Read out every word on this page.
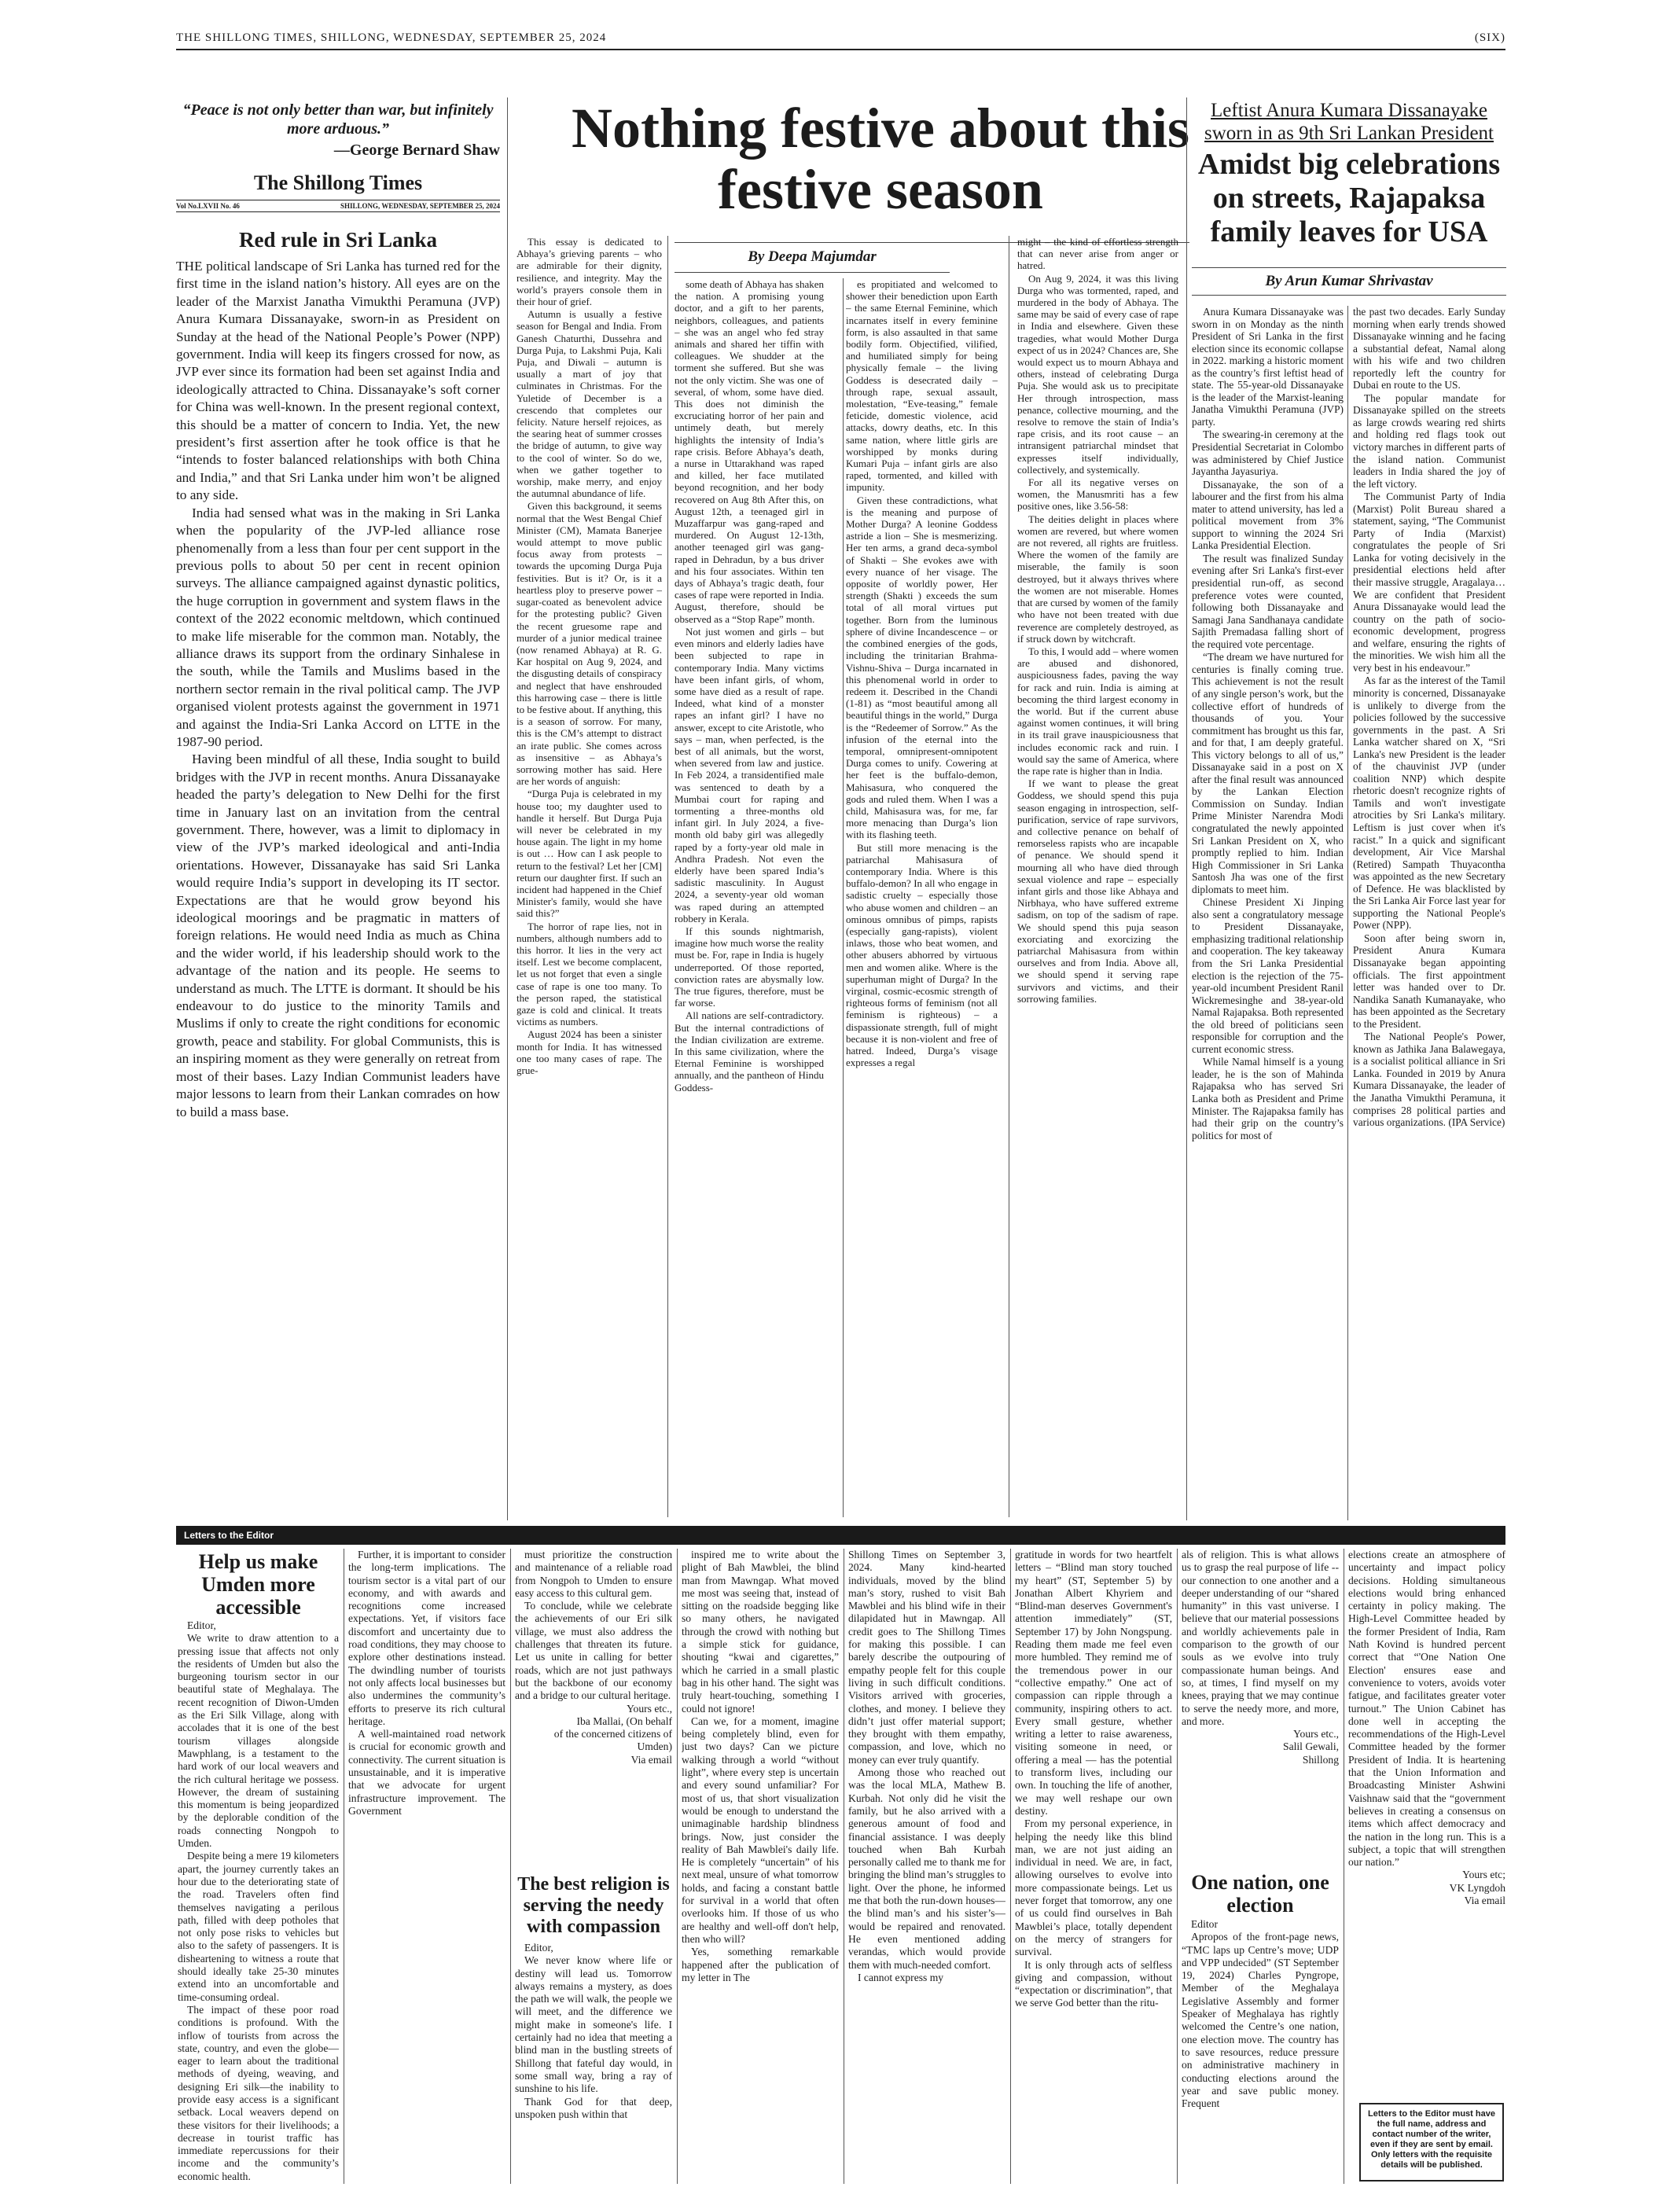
THE SHILLONG TIMES, SHILLONG, WEDNESDAY, SEPTEMBER 25, 2024	(SIX)
“Peace is not only better than war, but infinitely more arduous.”
—George Bernard Shaw
The Shillong Times
Vol No.LXVII No. 46	SHILLONG, WEDNESDAY, SEPTEMBER 25, 2024
Red rule in Sri Lanka

THE political landscape of Sri Lanka has turned red for the first time in the island nation’s history. All eyes are on the leader of the Marxist Janatha Vimukthi Peramuna (JVP) Anura Kumara Dissanayake, sworn-in as President on Sunday at the head of the National People’s Power (NPP) government. India will keep its fingers crossed for now, as JVP ever since its formation had been set against India and ideologically attracted to China. Dissanayake’s soft corner for China was well-known. In the present regional context, this should be a matter of concern to India. Yet, the new president’s first assertion after he took office is that he “intends to foster balanced relationships with both China and India,” and that Sri Lanka under him won’t be aligned to any side.

India had sensed what was in the making in Sri Lanka when the popularity of the JVP-led alliance rose phenomenally from a less than four per cent support in the previous polls to about 50 per cent in recent opinion surveys. The alliance campaigned against dynastic politics, the huge corruption in government and system flaws in the context of the 2022 economic meltdown, which continued to make life miserable for the common man. Notably, the alliance draws its support from the ordinary Sinhalese in the south, while the Tamils and Muslims based in the northern sector remain in the rival political camp. The JVP organised violent protests against the government in 1971 and against the India-Sri Lanka Accord on LTTE in the 1987-90 period.

Having been mindful of all these, India sought to build bridges with the JVP in recent months. Anura Dissanayake headed the party’s delegation to New Delhi for the first time in January last on an invitation from the central government. There, however, was a limit to diplomacy in view of the JVP’s marked ideological and anti-India orientations. However, Dissanayake has said Sri Lanka would require India’s support in developing its IT sector. Expectations are that he would grow beyond his ideological moorings and be pragmatic in matters of foreign relations. He would need India as much as China and the wider world, if his leadership should work to the advantage of the nation and its people. He seems to understand as much. The LTTE is dormant. It should be his endeavour to do justice to the minority Tamils and Muslims if only to create the right conditions for economic growth, peace and stability. For global Communists, this is an inspiring moment as they were generally on retreat from most of their bases. Lazy Indian Communist leaders have major lessons to learn from their Lankan comrades on how to build a mass base.

Nothing festive about this festive season

This essay is dedicated to Abhaya’s grieving parents – who are admirable for their dignity, resilience, and integrity. May the world’s prayers console them in their hour of grief.

Autumn is usually a festive season for Bengal and India. From Ganesh Chaturthi, Dussehra and Durga Puja, to Lakshmi Puja, Kali Puja, and Diwali – autumn is usually a mart of joy that culminates in Christmas. For the Yuletide of December is a crescendo that completes our felicity. Nature herself rejoices, as the searing heat of summer crosses the bridge of autumn, to give way to the cool of winter. So do we, when we gather together to worship, make merry, and enjoy the autumnal abundance of life.

Given this background, it seems normal that the West Bengal Chief Minister (CM), Mamata Banerjee would attempt to move public focus away from protests – towards the upcoming Durga Puja festivities. But is it? Or, is it a heartless ploy to preserve power – sugar-coated as benevolent advice for the protesting public? Given the recent gruesome rape and murder of a junior medical trainee (now renamed Abhaya) at R. G. Kar hospital on Aug 9, 2024, and the disgusting details of conspiracy and neglect that have enshrouded this harrowing case – there is little to be festive about. If anything, this is a season of sorrow. For many, this is the CM’s attempt to distract an irate public. She comes across as insensitive – as Abhaya’s sorrowing mother has said. Here are her words of anguish:

“Durga Puja is celebrated in my house too; my daughter used to handle it herself. But Durga Puja will never be celebrated in my house again. The light in my home is out … How can I ask people to return to the festival? Let her [CM] return our daughter first. If such an incident had happened in the Chief Minister's family, would she have said this?”

The horror of rape lies, not in numbers, although numbers add to this horror. It lies in the very act itself. Lest we become complacent, let us not forget that even a single case of rape is one too many. To the person raped, the statistical gaze is cold and clinical. It treats victims as numbers.

August 2024 has been a sinister month for India. It has witnessed one too many cases of rape. The grue-

By Deepa Majumdar

some death of Abhaya has shaken the nation. A promising young doctor, and a gift to her parents, neighbors, colleagues, and patients – she was an angel who fed stray animals and shared her tiffin with colleagues. We shudder at the torment she suffered. But she was not the only victim. She was one of several, of whom, some have died. This does not diminish the excruciating horror of her pain and untimely death, but merely highlights the intensity of India’s rape crisis. Before Abhaya’s death, a nurse in Uttarakhand was raped and killed, her face mutilated beyond recognition, and her body recovered on Aug 8th After this, on August 12th, a teenaged girl in Muzaffarpur was gang-raped and murdered. On August 12-13th, another teenaged girl was gang-raped in Dehradun, by a bus driver and his four associates. Within ten days of Abhaya’s tragic death, four cases of rape were reported in India. August, therefore, should be observed as a “Stop Rape” month.

Not just women and girls – but even minors and elderly ladies have been subjected to rape in contemporary India. Many victims have been infant girls, of whom, some have died as a result of rape. Indeed, what kind of a monster rapes an infant girl? I have no answer, except to cite Aristotle, who says – man, when perfected, is the best of all animals, but the worst, when severed from law and justice. In Feb 2024, a transidentified male was sentenced to death by a Mumbai court for raping and tormenting a three-months old infant girl. In July 2024, a five-month old baby girl was allegedly raped by a forty-year old male in Andhra Pradesh. Not even the elderly have been spared India’s sadistic masculinity. In August 2024, a seventy-year old woman was raped during an attempted robbery in Kerala.

If this sounds nightmarish, imagine how much worse the reality must be. For, rape in India is hugely underreported. Of those reported, conviction rates are abysmally low. The true figures, therefore, must be far worse.

All nations are self-contradictory. But the internal contradictions of the Indian civilization are extreme. In this same civilization, where the Eternal Feminine is worshipped annually, and the pantheon of Hindu Goddess-

es propitiated and welcomed to shower their benediction upon Earth – the same Eternal Feminine, which incarnates itself in every feminine form, is also assaulted in that same bodily form. Objectified, vilified, and humiliated simply for being physically female – the living Goddess is desecrated daily – through rape, sexual assault, molestation, “Eve-teasing,” female feticide, domestic violence, acid attacks, dowry deaths, etc. In this same nation, where little girls are worshipped by monks during Kumari Puja – infant girls are also raped, tormented, and killed with impunity.

Given these contradictions, what is the meaning and purpose of Mother Durga? A leonine Goddess astride a lion – She is mesmerizing. Her ten arms, a grand deca-symbol of Shakti – She evokes awe with every nuance of her visage. The opposite of worldly power, Her strength (Shakti ) exceeds the sum total of all moral virtues put together. Born from the luminous sphere of divine Incandescence – or the combined energies of the gods, including the trinitarian Brahma-Vishnu-Shiva – Durga incarnated in this phenomenal world in order to redeem it. Described in the Chandi (1-81) as “most beautiful among all beautiful things in the world,” Durga is the “Redeemer of Sorrow.” As the infusion of the eternal into the temporal, omnipresent-omnipotent Durga comes to unify. Cowering at her feet is the buffalo-demon, Mahisasura, who conquered the gods and ruled them. When I was a child, Mahisasura was, for me, far more menacing than Durga’s lion with its flashing teeth.

But still more menacing is the patriarchal Mahisasura of contemporary India. Where is this buffalo-demon? In all who engage in sadistic cruelty – especially those who abuse women and children – an ominous omnibus of pimps, rapists (especially gang-rapists), violent inlaws, those who beat women, and other abusers abhorred by virtuous men and women alike. Where is the superhuman might of Durga? In the virginal, cosmic-ecosmic strength of righteous forms of feminism (not all feminism is righteous) – a dispassionate strength, full of might because it is non-violent and free of hatred. Indeed, Durga’s visage expresses a regal

might – the kind of effortless strength that can never arise from anger or hatred.

On Aug 9, 2024, it was this living Durga who was tormented, raped, and murdered in the body of Abhaya. The same may be said of every case of rape in India and elsewhere. Given these tragedies, what would Mother Durga expect of us in 2024? Chances are, She would expect us to mourn Abhaya and others, instead of celebrating Durga Puja. She would ask us to precipitate Her through introspection, mass penance, collective mourning, and the resolve to remove the stain of India’s rape crisis, and its root cause – an intransigent patriarchal mindset that expresses itself individually, collectively, and systemically.

For all its negative verses on women, the Manusmriti has a few positive ones, like 3.56-58:

The deities delight in places where women are revered, but where women are not revered, all rights are fruitless. Where the women of the family are miserable, the family is soon destroyed, but it always thrives where the women are not miserable. Homes that are cursed by women of the family who have not been treated with due reverence are completely destroyed, as if struck down by witchcraft.

To this, I would add – where women are abused and dishonored, auspiciousness fades, paving the way for rack and ruin. India is aiming at becoming the third largest economy in the world. But if the current abuse against women continues, it will bring in its trail grave inauspiciousness that includes economic rack and ruin. I would say the same of America, where the rape rate is higher than in India.

If we want to please the great Goddess, we should spend this puja season engaging in introspection, self-purification, service of rape survivors, and collective penance on behalf of remorseless rapists who are incapable of penance. We should spend it mourning all who have died through sexual violence and rape – especially infant girls and those like Abhaya and Nirbhaya, who have suffered extreme sadism, on top of the sadism of rape. We should spend this puja season exorciating and exorcizing the patriarchal Mahisasura from within ourselves and from India. Above all, we should spend it serving rape survivors and victims, and their sorrowing families.

Leftist Anura Kumara Dissanayake
sworn in as 9th Sri Lankan President
Amidst big celebrations on streets, Rajapaksa family leaves for USA
By Arun Kumar Shrivastav

Anura Kumara Dissanayake was sworn in on Monday as the ninth President of Sri Lanka in the first election since its economic collapse in 2022. marking a historic moment as the country’s first leftist head of state. The 55-year-old Dissanayake is the leader of the Marxist-leaning Janatha Vimukthi Peramuna (JVP) party.

The swearing-in ceremony at the Presidential Secretariat in Colombo was administered by Chief Justice Jayantha Jayasuriya.

Dissanayake, the son of a labourer and the first from his alma mater to attend university, has led a political movement from 3% support to winning the 2024 Sri Lanka Presidential Election.

The result was finalized Sunday evening after Sri Lanka's first-ever presidential run-off, as second preference votes were counted, following both Dissanayake and Samagi Jana Sandhanaya candidate Sajith Premadasa falling short of the required vote percentage.

“The dream we have nurtured for centuries is finally coming true. This achievement is not the result of any single person’s work, but the collective effort of hundreds of thousands of you. Your commitment has brought us this far, and for that, I am deeply grateful. This victory belongs to all of us,” Dissanayake said in a post on X after the final result was announced by the Lankan Election Commission on Sunday. Indian Prime Minister Narendra Modi congratulated the newly appointed Sri Lankan President on X, who promptly replied to him. Indian High Commissioner in Sri Lanka Santosh Jha was one of the first diplomats to meet him.

Chinese President Xi Jinping also sent a congratulatory message to President Dissanayake, emphasizing traditional relationship and cooperation. The key takeaway from the Sri Lanka Presidential election is the rejection of the 75-year-old incumbent President Ranil Wickremesinghe and 38-year-old Namal Rajapaksa. Both represented the old breed of politicians seen responsible for corruption and the current economic stress.

While Namal himself is a young leader, he is the son of Mahinda Rajapaksa who has served Sri Lanka both as President and Prime Minister. The Rajapaksa family has had their grip on the country’s politics for most of

the past two decades. Early Sunday morning when early trends showed Dissanayake winning and he facing a substantial defeat, Namal along with his wife and two children reportedly left the country for Dubai en route to the US.

The popular mandate for Dissanayake spilled on the streets as large crowds wearing red shirts and holding red flags took out victory marches in different parts of the island nation. Communist leaders in India shared the joy of the left victory.

The Communist Party of India (Marxist) Polit Bureau shared a statement, saying, “The Communist Party of India (Marxist) congratulates the people of Sri Lanka for voting decisively in the presidential elections held after their massive struggle, Aragalaya… We are confident that President Anura Dissanayake would lead the country on the path of socio-economic development, progress and welfare, ensuring the rights of the minorities. We wish him all the very best in his endeavour.”

As far as the interest of the Tamil minority is concerned, Dissanayake is unlikely to diverge from the policies followed by the successive governments in the past. A Sri Lanka watcher shared on X, “Sri Lanka's new President is the leader of the chauvinist JVP (under coalition NNP) which despite rhetoric doesn't recognize rights of Tamils and won't investigate atrocities by Sri Lanka's military. Leftism is just cover when it's racist.” In a quick and significant development, Air Vice Marshal (Retired) Sampath Thuyacontha was appointed as the new Secretary of Defence. He was blacklisted by the Sri Lanka Air Force last year for supporting the National People's Power (NPP).

Soon after being sworn in, President Anura Kumara Dissanayake began appointing officials. The first appointment letter was handed over to Dr. Nandika Sanath Kumanayake, who has been appointed as the Secretary to the President.

The National People's Power, known as Jathika Jana Balawegaya, is a socialist political alliance in Sri Lanka. Founded in 2019 by Anura Kumara Dissanayake, the leader of the Janatha Vimukthi Peramuna, it comprises 28 political parties and various organizations. (IPA Service)

Letters to the Editor
Help us make Umden more accessible

Editor,

We write to draw attention to a pressing issue that affects not only the residents of Umden but also the burgeoning tourism sector in our beautiful state of Meghalaya. The recent recognition of Diwon-Umden as the Eri Silk Village, along with accolades that it is one of the best tourism villages alongside Mawphlang, is a testament to the hard work of our local weavers and the rich cultural heritage we possess. However, the dream of sustaining this momentum is being jeopardized by the deplorable condition of the roads connecting Nongpoh to Umden.

Despite being a mere 19 kilometers apart, the journey currently takes an hour due to the deteriorating state of the road. Travelers often find themselves navigating a perilous path, filled with deep potholes that not only pose risks to vehicles but also to the safety of passengers. It is disheartening to witness a route that should ideally take 25-30 minutes extend into an uncomfortable and time-consuming ordeal.

The impact of these poor road conditions is profound. With the inflow of tourists from across the state, country, and even the globe—eager to learn about the traditional methods of dyeing, weaving, and designing Eri silk—the inability to provide easy access is a significant setback. Local weavers depend on these visitors for their livelihoods; a decrease in tourist traffic has immediate repercussions for their income and the community’s economic health.

Further, it is important to consider the long-term implications. The tourism sector is a vital part of our economy, and with awards and recognitions come increased expectations. Yet, if visitors face discomfort and uncertainty due to road conditions, they may choose to explore other destinations instead. The dwindling number of tourists not only affects local businesses but also undermines the community’s efforts to preserve its rich cultural heritage.

A well-maintained road network is crucial for economic growth and connectivity. The current situation is unsustainable, and it is imperative that we advocate for urgent infrastructure improvement. The Government

must prioritize the construction and maintenance of a reliable road from Nongpoh to Umden to ensure easy access to this cultural gem.

To conclude, while we celebrate the achievements of our Eri silk village, we must also address the challenges that threaten its future. Let us unite in calling for better roads, which are not just pathways but the backbone of our economy and a bridge to our cultural heritage.

Yours etc.,

Iba Mallai, (On behalf

of the concerned citizens of

Umden)

Via email

The best religion is serving the needy with compassion

Editor,

We never know where life or destiny will lead us. Tomorrow always remains a mystery, as does the path we will walk, the people we will meet, and the difference we might make in someone's life. I certainly had no idea that meeting a blind man in the bustling streets of Shillong that fateful day would, in some small way, bring a ray of sunshine to his life.

Thank God for that deep, unspoken push within that

inspired me to write about the plight of Bah Mawblei, the blind man from Mawngap. What moved me most was seeing that, instead of sitting on the roadside begging like so many others, he navigated through the crowd with nothing but a simple stick for guidance, shouting “kwai and cigarettes,” which he carried in a small plastic bag in his other hand. The sight was truly heart-touching, something I could not ignore!

Can we, for a moment, imagine being completely blind, even for just two days? Can we picture walking through a world “without light”, where every step is uncertain and every sound unfamiliar? For most of us, that short visualization would be enough to understand the unimaginable hardship blindness brings. Now, just consider the reality of Bah Mawblei's daily life. He is completely “uncertain” of his next meal, unsure of what tomorrow holds, and facing a constant battle for survival in a world that often overlooks him. If those of us who are healthy and well-off don't help, then who will?

Yes, something remarkable happened after the publication of my letter in The

Shillong Times on September 3, 2024. Many kind-hearted individuals, moved by the blind man’s story, rushed to visit Bah Mawblei and his blind wife in their dilapidated hut in Mawngap. All credit goes to The Shillong Times for making this possible. I can barely describe the outpouring of empathy people felt for this couple living in such difficult conditions. Visitors arrived with groceries, clothes, and money. I believe they didn’t just offer material support; they brought with them empathy, compassion, and love, which no money can ever truly quantify.

Among those who reached out was the local MLA, Mathew B. Kurbah. Not only did he visit the family, but he also arrived with a generous amount of food and financial assistance. I was deeply touched when Bah Kurbah personally called me to thank me for bringing the blind man’s struggles to light. Over the phone, he informed me that both the run-down houses—the blind man’s and his sister’s—would be repaired and renovated. He even mentioned adding verandas, which would provide them with much-needed comfort.

I cannot express my

gratitude in words for two heartfelt letters – “Blind man story touched my heart” (ST, September 5) by Jonathan Albert Khyriem and “Blind-man deserves Government's attention immediately” (ST, September 17) by John Nongspung. Reading them made me feel even more humbled. They remind me of the tremendous power in our “collective empathy.” One act of compassion can ripple through a community, inspiring others to act. Every small gesture, whether writing a letter to raise awareness, visiting someone in need, or offering a meal — has the potential to transform lives, including our own. In touching the life of another, we may well reshape our own destiny.

From my personal experience, in helping the needy like this blind man, we are not just aiding an individual in need. We are, in fact, allowing ourselves to evolve into more compassionate beings. Let us never forget that tomorrow, any one of us could find ourselves in Bah Mawblei’s place, totally dependent on the mercy of strangers for survival.

It is only through acts of selfless giving and compassion, without “expectation or discrimination”, that we serve God better than the ritu-

als of religion. This is what allows us to grasp the real purpose of life -- our connection to one another and a deeper understanding of our “shared humanity” in this vast universe. I believe that our material possessions and worldly achievements pale in comparison to the growth of our souls as we evolve into truly compassionate human beings. And so, at times, I find myself on my knees, praying that we may continue to serve the needy more, and more, and more.

Yours etc.,

Salil Gewali,

Shillong

One nation, one election

Editor

Apropos of the front-page news, “TMC laps up Centre’s move; UDP and VPP undecided” (ST September 19, 2024) Charles Pyngrope, Member of the Meghalaya Legislative Assembly and former Speaker of Meghalaya has rightly welcomed the Centre’s one nation, one election move. The country has to save resources, reduce pressure on administrative machinery in conducting elections around the year and save public money. Frequent

elections create an atmosphere of uncertainty and impact policy decisions. Holding simultaneous elections would bring enhanced certainty in policy making. The High-Level Committee headed by the former President of India, Ram Nath Kovind is hundred percent correct that “'One Nation One Election' ensures ease and convenience to voters, avoids voter fatigue, and facilitates greater voter turnout.” The Union Cabinet has done well in accepting the recommendations of the High-Level Committee headed by the former President of India. It is heartening that the Union Information and Broadcasting Minister Ashwini Vaishnaw said that the “government believes in creating a consensus on items which affect democracy and the nation in the long run. This is a subject, a topic that will strengthen our nation.”

Yours etc;

VK Lyngdoh

Via email

Letters to the Editor must have the full name, address and contact number of the writer, even if they are sent by email. Only letters with the requisite details will be published.
